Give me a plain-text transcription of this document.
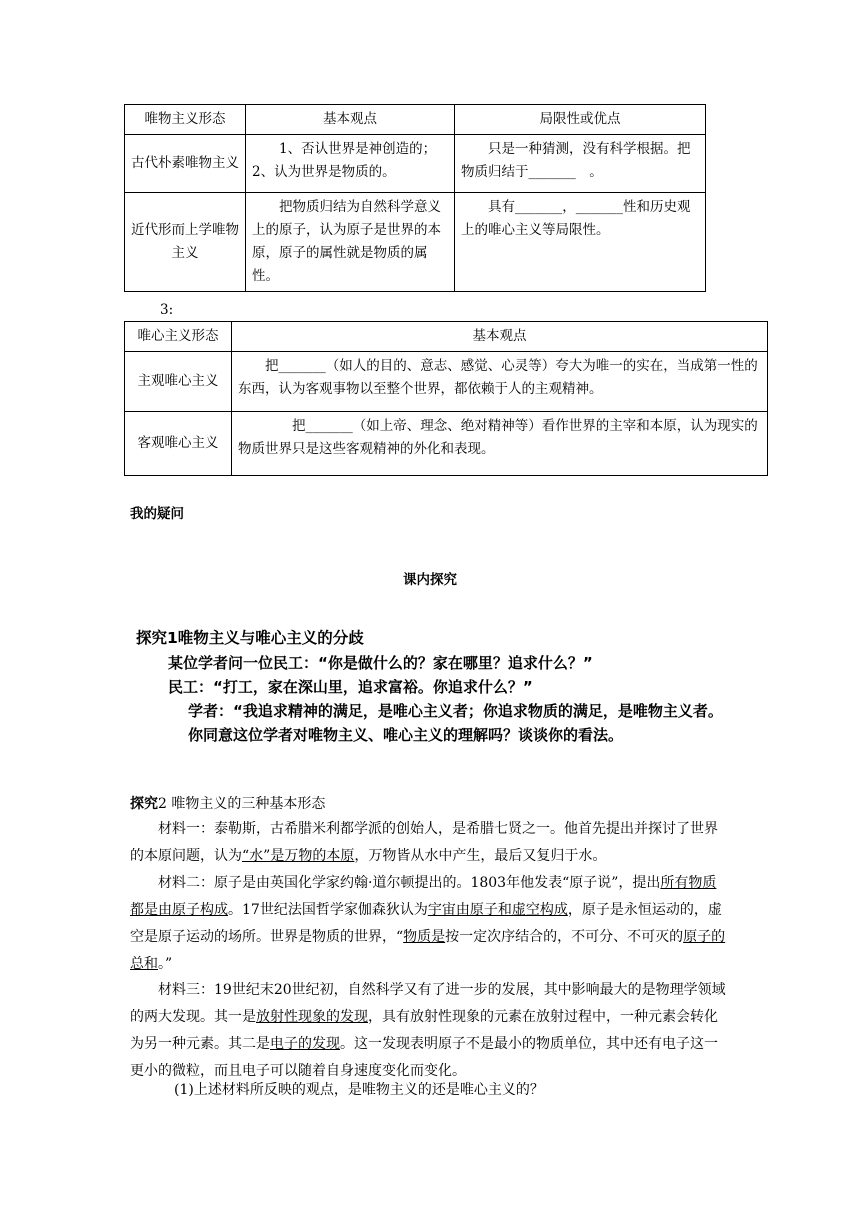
唯物主义形态	基本观点	局限性或优点
古代朴素唯物主义	1、否认世界是神创造的；2、认为世界是物质的。	只是一种猜测，没有科学根据。把物质归结于_______　。
近代形而上学唯物主义	把物质归结为自然科学意义上的原子，认为原子是世界的本原，原子的属性就是物质的属性。	具有_______，_______性和历史观上的唯心主义等局限性。
3:
唯心主义形态	基本观点
主观唯心主义	把_______（如人的目的、意志、感觉、心灵等）夸大为唯一的实在，当成第一性的东西，认为客观事物以至整个世界，都依赖于人的主观精神。
客观唯心主义	把_______（如上帝、理念、绝对精神等）看作世界的主宰和本原，认为现实的物质世界只是这些客观精神的外化和表现。
我的疑问
课内探究
探究1唯物主义与唯心主义的分歧
某位学者问一位民工：“你是做什么的？家在哪里？追求什么？”
民工：“打工，家在深山里，追求富裕。你追求什么？”
学者：“我追求精神的满足，是唯心主义者；你追求物质的满足，是唯物主义者。
你同意这位学者对唯物主义、唯心主义的理解吗？谈谈你的看法。
探究2 唯物主义的三种基本形态
材料一：泰勒斯，古希腊米利都学派的创始人，是希腊七贤之一。他首先提出并探讨了世界的本原问题，认为“水”是万物的本原，万物皆从水中产生，最后又复归于水。
材料二：原子是由英国化学家约翰·道尔顿提出的。1803年他发表“原子说”，提出所有物质都是由原子构成。17世纪法国哲学家伽森狄认为宇宙由原子和虚空构成，原子是永恒运动的，虚空是原子运动的场所。世界是物质的世界，“物质是按一定次序结合的，不可分、不可灭的原子的总和。”
材料三：19世纪末20世纪初，自然科学又有了进一步的发展，其中影响最大的是物理学领域的两大发现。其一是放射性现象的发现，具有放射性现象的元素在放射过程中，一种元素会转化为另一种元素。其二是电子的发现。这一发现表明原子不是最小的物质单位，其中还有电子这一更小的微粒，而且电子可以随着自身速度变化而变化。
(1)上述材料所反映的观点，是唯物主义的还是唯心主义的？
